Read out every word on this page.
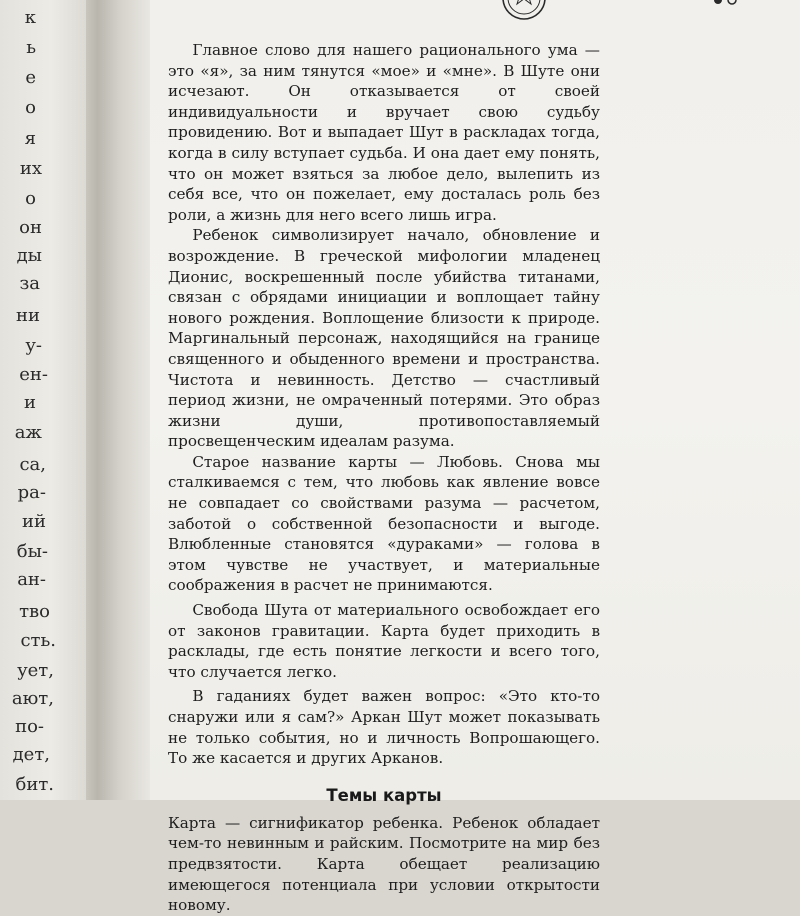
к
ь
е
о
я
их
о
он
ды
за
ни
у-
ен-
и
аж
са,
ра-
ий
бы-
ан-
тво
сть.
ует,
ают,
по-
дет,
бит.

Главное слово для нашего рационального ума — это «я», за ним тянутся «мое» и «мне». В Шуте они исчезают. Он отказывается от своей индивидуальности и вручает свою судьбу провидению. Вот и выпадает Шут в раскладах тогда, когда в силу вступает судьба. И она дает ему понять, что он может взяться за любое дело, вылепить из себя все, что он пожелает, ему досталась роль без роли, а жизнь для него всего лишь игра.

Ребенок символизирует начало, обновление и возрождение. В греческой мифологии младенец Дионис, воскрешенный после убийства титанами, связан с обрядами инициации и воплощает тайну нового рождения. Воплощение близости к природе. Маргинальный персонаж, находящийся на границе священного и обыденного времени и пространства. Чистота и невинность. Детство — счастливый период жизни, не омраченный потерями. Это образ жизни души, противопоставляемый просвещенческим идеалам разума.

Старое название карты — Любовь. Снова мы сталкиваемся с тем, что любовь как явление вовсе не совпадает со свойствами разума — расчетом, заботой о собственной безопасности и выгоде. Влюбленные становятся «дураками» — голова в этом чувстве не участвует, и материальные соображения в расчет не принимаются.

Свобода Шута от материального освобождает его от законов гравитации. Карта будет приходить в расклады, где есть понятие легкости и всего того, что случается легко.

В гаданиях будет важен вопрос: «Это кто-то снаружи или я сам?» Аркан Шут может показывать не только события, но и личность Вопрошающего. То же касается и других Арканов.

Темы карты

Карта — сигнификатор ребенка. Ребенок обладает чем-то невинным и райским. Посмотрите на мир без предвзятости. Карта обещает реализацию имеющегося потенциала при условии открытости новому.
